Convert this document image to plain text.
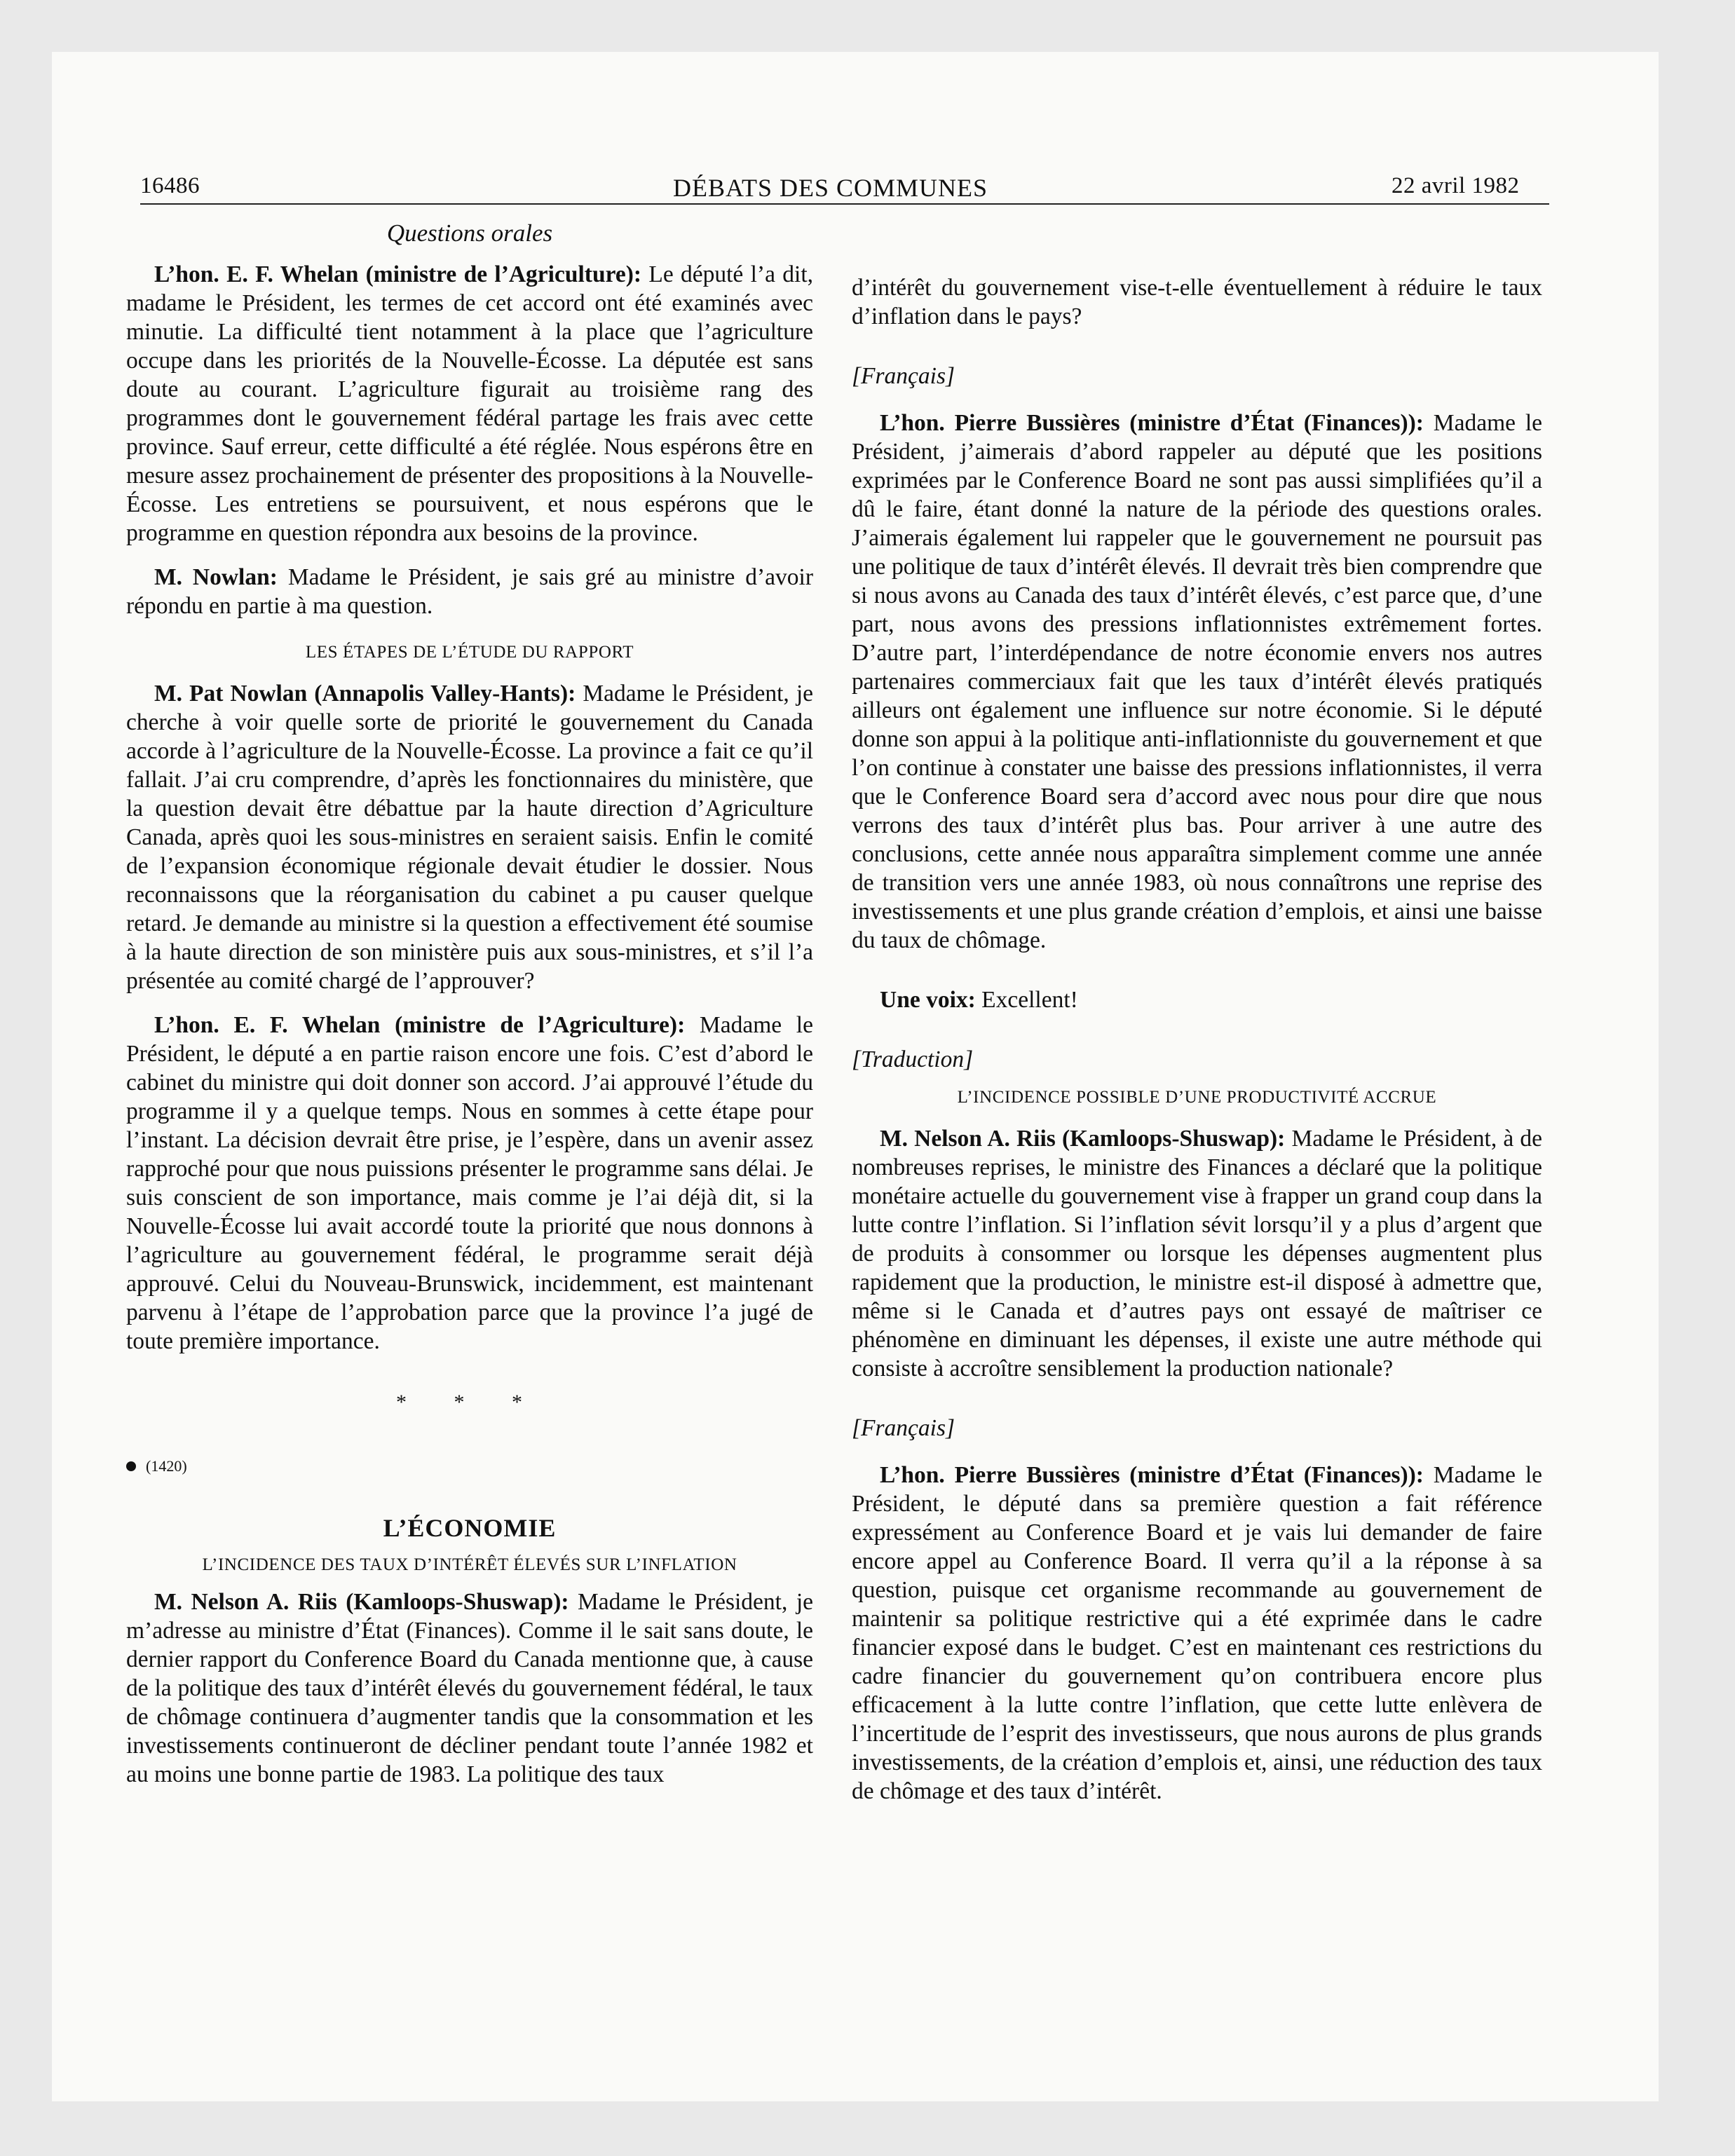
16486	DÉBATS DES COMMUNES	22 avril 1982
Questions orales

L’hon. E. F. Whelan (ministre de l’Agriculture): Le député l’a dit, madame le Président, les termes de cet accord ont été examinés avec minutie. La difficulté tient notamment à la place que l’agriculture occupe dans les priorités de la Nouvelle-Écosse. La députée est sans doute au courant. L’agriculture figurait au troisième rang des programmes dont le gouvernement fédéral partage les frais avec cette province. Sauf erreur, cette difficulté a été réglée. Nous espérons être en mesure assez prochainement de présenter des propositions à la Nouvelle-Écosse. Les entretiens se poursuivent, et nous espérons que le programme en question répondra aux besoins de la province.

M. Nowlan: Madame le Président, je sais gré au ministre d’avoir répondu en partie à ma question.

LES ÉTAPES DE L’ÉTUDE DU RAPPORT

M. Pat Nowlan (Annapolis Valley-Hants): Madame le Président, je cherche à voir quelle sorte de priorité le gouvernement du Canada accorde à l’agriculture de la Nouvelle-Écosse. La province a fait ce qu’il fallait. J’ai cru comprendre, d’après les fonctionnaires du ministère, que la question devait être débattue par la haute direction d’Agriculture Canada, après quoi les sous-ministres en seraient saisis. Enfin le comité de l’expansion économique régionale devait étudier le dossier. Nous reconnaissons que la réorganisation du cabinet a pu causer quelque retard. Je demande au ministre si la question a effectivement été soumise à la haute direction de son ministère puis aux sous-ministres, et s’il l’a présentée au comité chargé de l’approuver?

L’hon. E. F. Whelan (ministre de l’Agriculture): Madame le Président, le député a en partie raison encore une fois. C’est d’abord le cabinet du ministre qui doit donner son accord. J’ai approuvé l’étude du programme il y a quelque temps. Nous en sommes à cette étape pour l’instant. La décision devrait être prise, je l’espère, dans un avenir assez rapproché pour que nous puissions présenter le programme sans délai. Je suis conscient de son importance, mais comme je l’ai déjà dit, si la Nouvelle-Écosse lui avait accordé toute la priorité que nous donnons à l’agriculture au gouvernement fédéral, le programme serait déjà approuvé. Celui du Nouveau-Brunswick, incidemment, est maintenant parvenu à l’étape de l’approbation parce que la province l’a jugé de toute première importance.

* * *
(1420)
L’ÉCONOMIE
L’INCIDENCE DES TAUX D’INTÉRÊT ÉLEVÉS SUR L’INFLATION

M. Nelson A. Riis (Kamloops-Shuswap): Madame le Président, je m’adresse au ministre d’État (Finances). Comme il le sait sans doute, le dernier rapport du Conference Board du Canada mentionne que, à cause de la politique des taux d’intérêt élevés du gouvernement fédéral, le taux de chômage continuera d’augmenter tandis que la consommation et les investissements continueront de décliner pendant toute l’année 1982 et au moins une bonne partie de 1983. La politique des taux

d’intérêt du gouvernement vise-t-elle éventuellement à réduire le taux d’inflation dans le pays?

[Français]

L’hon. Pierre Bussières (ministre d’État (Finances)): Madame le Président, j’aimerais d’abord rappeler au député que les positions exprimées par le Conference Board ne sont pas aussi simplifiées qu’il a dû le faire, étant donné la nature de la période des questions orales. J’aimerais également lui rappeler que le gouvernement ne poursuit pas une politique de taux d’intérêt élevés. Il devrait très bien comprendre que si nous avons au Canada des taux d’intérêt élevés, c’est parce que, d’une part, nous avons des pressions inflationnistes extrêmement fortes. D’autre part, l’interdépendance de notre économie envers nos autres partenaires commerciaux fait que les taux d’intérêt élevés pratiqués ailleurs ont également une influence sur notre économie. Si le député donne son appui à la politique anti-inflationniste du gouvernement et que l’on continue à constater une baisse des pressions inflationnistes, il verra que le Conference Board sera d’accord avec nous pour dire que nous verrons des taux d’intérêt plus bas. Pour arriver à une autre des conclusions, cette année nous apparaîtra simplement comme une année de transition vers une année 1983, où nous connaîtrons une reprise des investissements et une plus grande création d’emplois, et ainsi une baisse du taux de chômage.

Une voix: Excellent!

[Traduction]

L’INCIDENCE POSSIBLE D’UNE PRODUCTIVITÉ ACCRUE

M. Nelson A. Riis (Kamloops-Shuswap): Madame le Président, à de nombreuses reprises, le ministre des Finances a déclaré que la politique monétaire actuelle du gouvernement vise à frapper un grand coup dans la lutte contre l’inflation. Si l’inflation sévit lorsqu’il y a plus d’argent que de produits à consommer ou lorsque les dépenses augmentent plus rapidement que la production, le ministre est-il disposé à admettre que, même si le Canada et d’autres pays ont essayé de maîtriser ce phénomène en diminuant les dépenses, il existe une autre méthode qui consiste à accroître sensiblement la production nationale?

[Français]

L’hon. Pierre Bussières (ministre d’État (Finances)): Madame le Président, le député dans sa première question a fait référence expressément au Conference Board et je vais lui demander de faire encore appel au Conference Board. Il verra qu’il a la réponse à sa question, puisque cet organisme recommande au gouvernement de maintenir sa politique restrictive qui a été exprimée dans le cadre financier exposé dans le budget. C’est en maintenant ces restrictions du cadre financier du gouvernement qu’on contribuera encore plus efficacement à la lutte contre l’inflation, que cette lutte enlèvera de l’incertitude de l’esprit des investisseurs, que nous aurons de plus grands investissements, de la création d’emplois et, ainsi, une réduction des taux de chômage et des taux d’intérêt.
